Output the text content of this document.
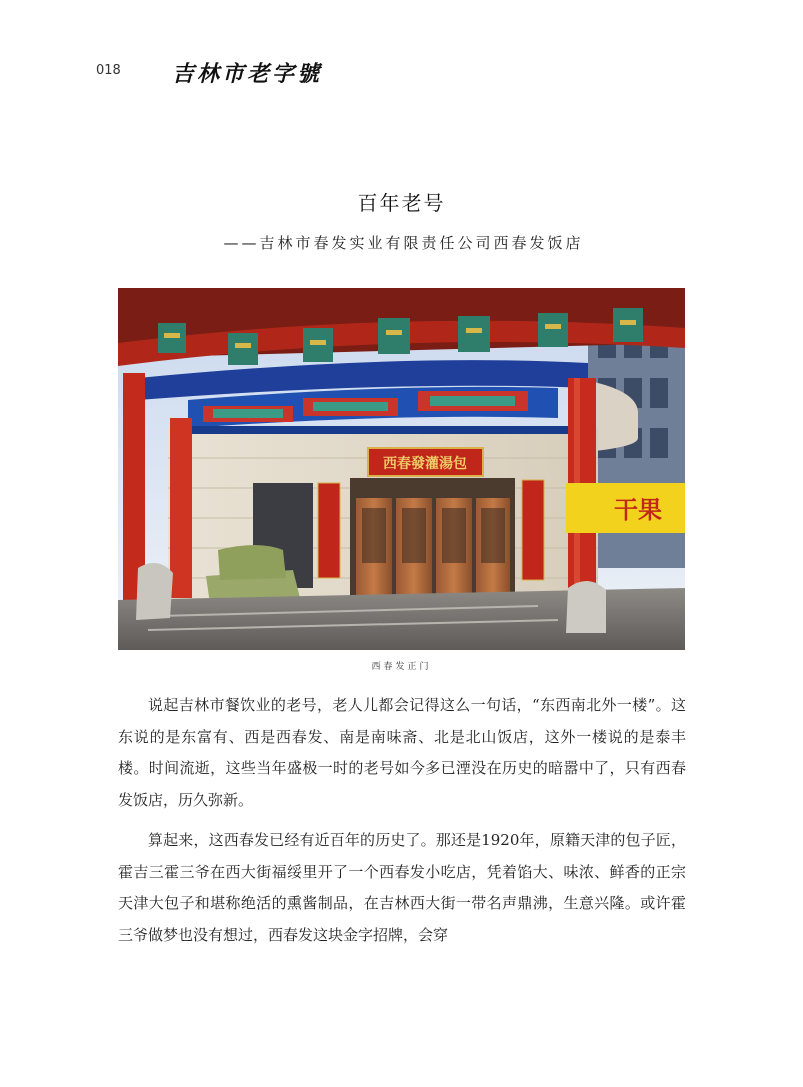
018 吉林市老字號
百年老号
——吉林市春发实业有限责任公司西春发饭店
西春發灌湯包
干果
西春发正门

说起吉林市餐饮业的老号，老人儿都会记得这么一句话，“东西南北外一楼”。这东说的是东富有、西是西春发、南是南味斋、北是北山饭店，这外一楼说的是泰丰楼。时间流逝，这些当年盛极一时的老号如今多已湮没在历史的暗嚣中了，只有西春发饭店，历久弥新。

算起来，这西春发已经有近百年的历史了。那还是1920年，原籍天津的包子匠，霍吉三霍三爷在西大街福绥里开了一个西春发小吃店，凭着馅大、味浓、鲜香的正宗天津大包子和堪称绝活的熏酱制品，在吉林西大街一带名声鼎沸，生意兴隆。或许霍三爷做梦也没有想过，西春发这块金字招牌，会穿
